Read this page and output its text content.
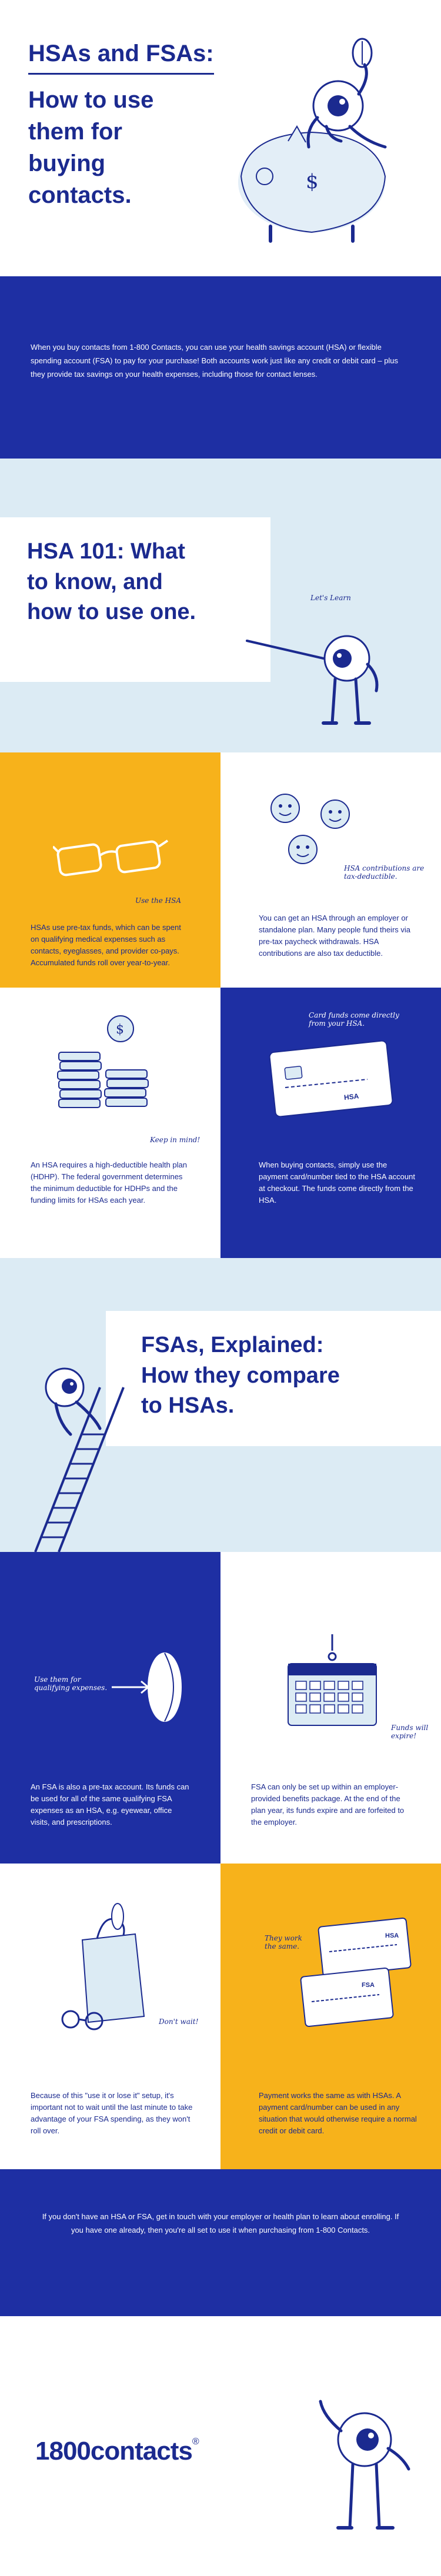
HSAs and FSAs:
How to use
them for
buying
contacts.
$
When you buy contacts from 1-800 Contacts, you can use your health savings account (HSA) or flexible spending account (FSA) to pay for your purchase! Both accounts work just like any credit or debit card – plus they provide tax savings on your health expenses, including those for contact lenses.
HSA 101: What
to know, and
how to use one.
Let's Learn
Use the HSA
HSAs use pre-tax funds, which can be spent on qualifying medical expenses such as contacts, eyeglasses, and provider co-pays. Accumulated funds roll over year-to-year.
HSA contributions are tax-deductible.
You can get an HSA through an employer or standalone plan. Many people fund theirs via pre-tax paycheck withdrawals. HSA contributions are also tax deductible.
$
Keep in mind!
An HSA requires a high-deductible health plan (HDHP). The federal government determines the minimum deductible for HDHPs and the funding limits for HSAs each year.
Card funds come directly from your HSA.
HSA
When buying contacts, simply use the payment card/number tied to the HSA account at checkout. The funds come directly from the HSA.
FSAs, Explained:
How they compare
to HSAs.
Use them for qualifying expenses.
An FSA is also a pre-tax account. Its funds can be used for all of the same qualifying FSA expenses as an HSA, e.g. eyewear, office visits, and prescriptions.
Funds will expire!
FSA can only be set up within an employer-provided benefits package. At the end of the plan year, its funds expire and are forfeited to the employer.
Don't wait!
Because of this "use it or lose it" setup, it's important not to wait until the last minute to take advantage of your FSA spending, as they won't roll over.
They work the same.
HSA
FSA
Payment works the same as with HSAs. A payment card/number can be used in any situation that would otherwise require a normal credit or debit card.
If you don't have an HSA or FSA, get in touch with your employer or health plan to learn about enrolling. If you have one already, then you're all set to use it when purchasing from 1-800 Contacts.
1800contacts®
